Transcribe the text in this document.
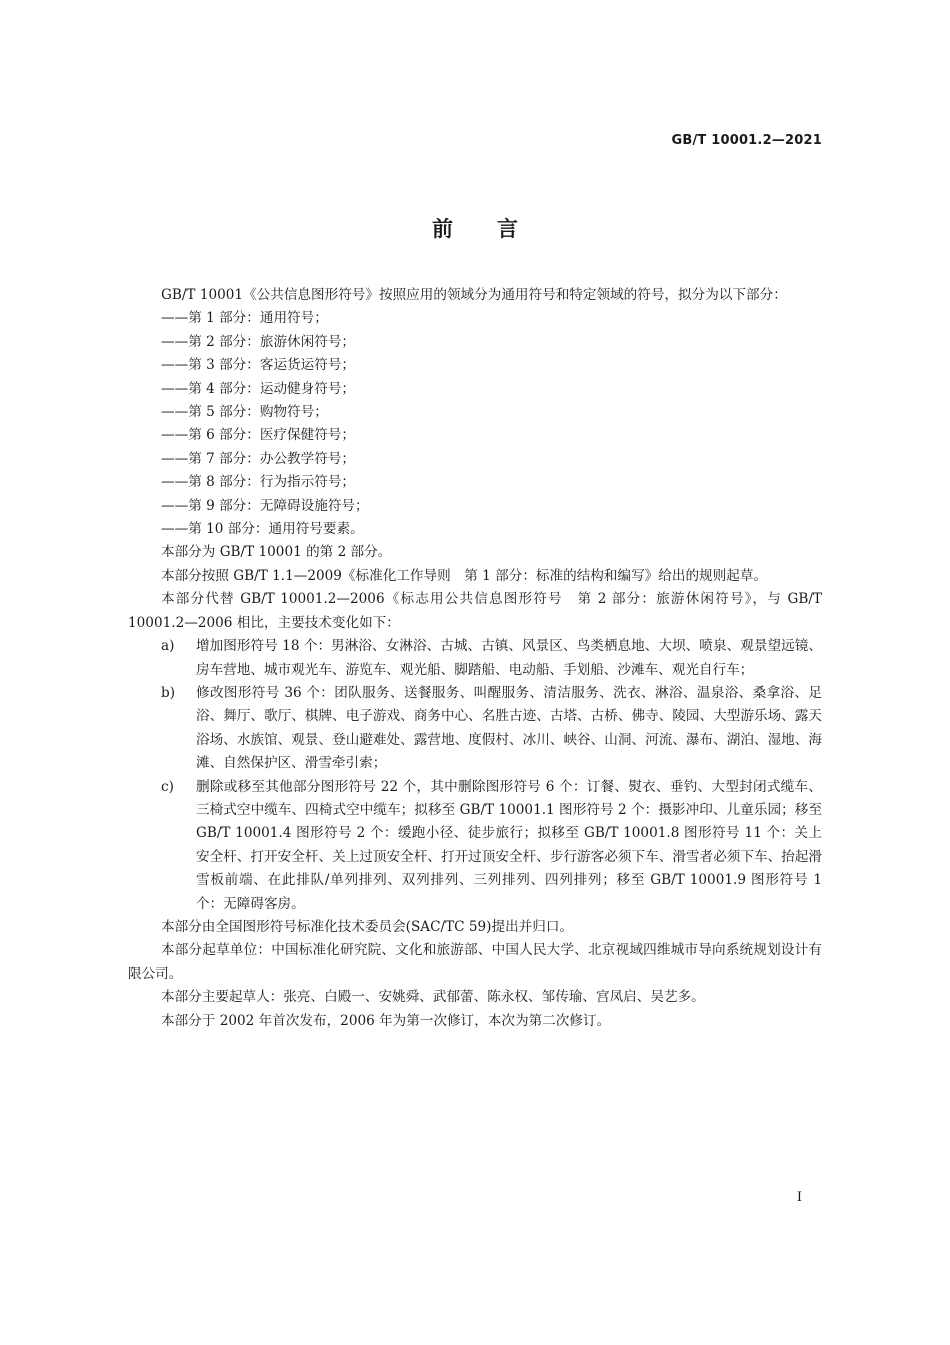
GB/T 10001.2—2021
前言

GB/T 10001《公共信息图形符号》按照应用的领域分为通用符号和特定领域的符号，拟分为以下部分：

——第 1 部分：通用符号；

——第 2 部分：旅游休闲符号；

——第 3 部分：客运货运符号；

——第 4 部分：运动健身符号；

——第 5 部分：购物符号；

——第 6 部分：医疗保健符号；

——第 7 部分：办公教学符号；

——第 8 部分：行为指示符号；

——第 9 部分：无障碍设施符号；

——第 10 部分：通用符号要素。

本部分为 GB/T 10001 的第 2 部分。

本部分按照 GB/T 1.1—2009《标准化工作导则　第 1 部分：标准的结构和编写》给出的规则起草。

本部分代替 GB/T 10001.2—2006《标志用公共信息图形符号　第 2 部分：旅游休闲符号》，与 GB/T 10001.2—2006 相比，主要技术变化如下：

a) 增加图形符号 18 个：男淋浴、女淋浴、古城、古镇、风景区、鸟类栖息地、大坝、喷泉、观景望远镜、房车营地、城市观光车、游览车、观光船、脚踏船、电动船、手划船、沙滩车、观光自行车；
b) 修改图形符号 36 个：团队服务、送餐服务、叫醒服务、清洁服务、洗衣、淋浴、温泉浴、桑拿浴、足浴、舞厅、歌厅、棋牌、电子游戏、商务中心、名胜古迹、古塔、古桥、佛寺、陵园、大型游乐场、露天浴场、水族馆、观景、登山避难处、露营地、度假村、冰川、峡谷、山洞、河流、瀑布、湖泊、湿地、海滩、自然保护区、滑雪牵引索；
c) 删除或移至其他部分图形符号 22 个，其中删除图形符号 6 个：订餐、熨衣、垂钓、大型封闭式缆车、三椅式空中缆车、四椅式空中缆车；拟移至 GB/T 10001.1 图形符号 2 个：摄影冲印、儿童乐园；移至 GB/T 10001.4 图形符号 2 个：缓跑小径、徒步旅行；拟移至 GB/T 10001.8 图形符号 11 个：关上安全杆、打开安全杆、关上过顶安全杆、打开过顶安全杆、步行游客必须下车、滑雪者必须下车、抬起滑雪板前端、在此排队/单列排列、双列排列、三列排列、四列排列；移至 GB/T 10001.9 图形符号 1 个：无障碍客房。

本部分由全国图形符号标准化技术委员会(SAC/TC 59)提出并归口。

本部分起草单位：中国标准化研究院、文化和旅游部、中国人民大学、北京视域四维城市导向系统规划设计有限公司。

本部分主要起草人：张亮、白殿一、安姚舜、武郁蕾、陈永权、邹传瑜、宫凤启、吴艺多。

本部分于 2002 年首次发布，2006 年为第一次修订，本次为第二次修订。

I
